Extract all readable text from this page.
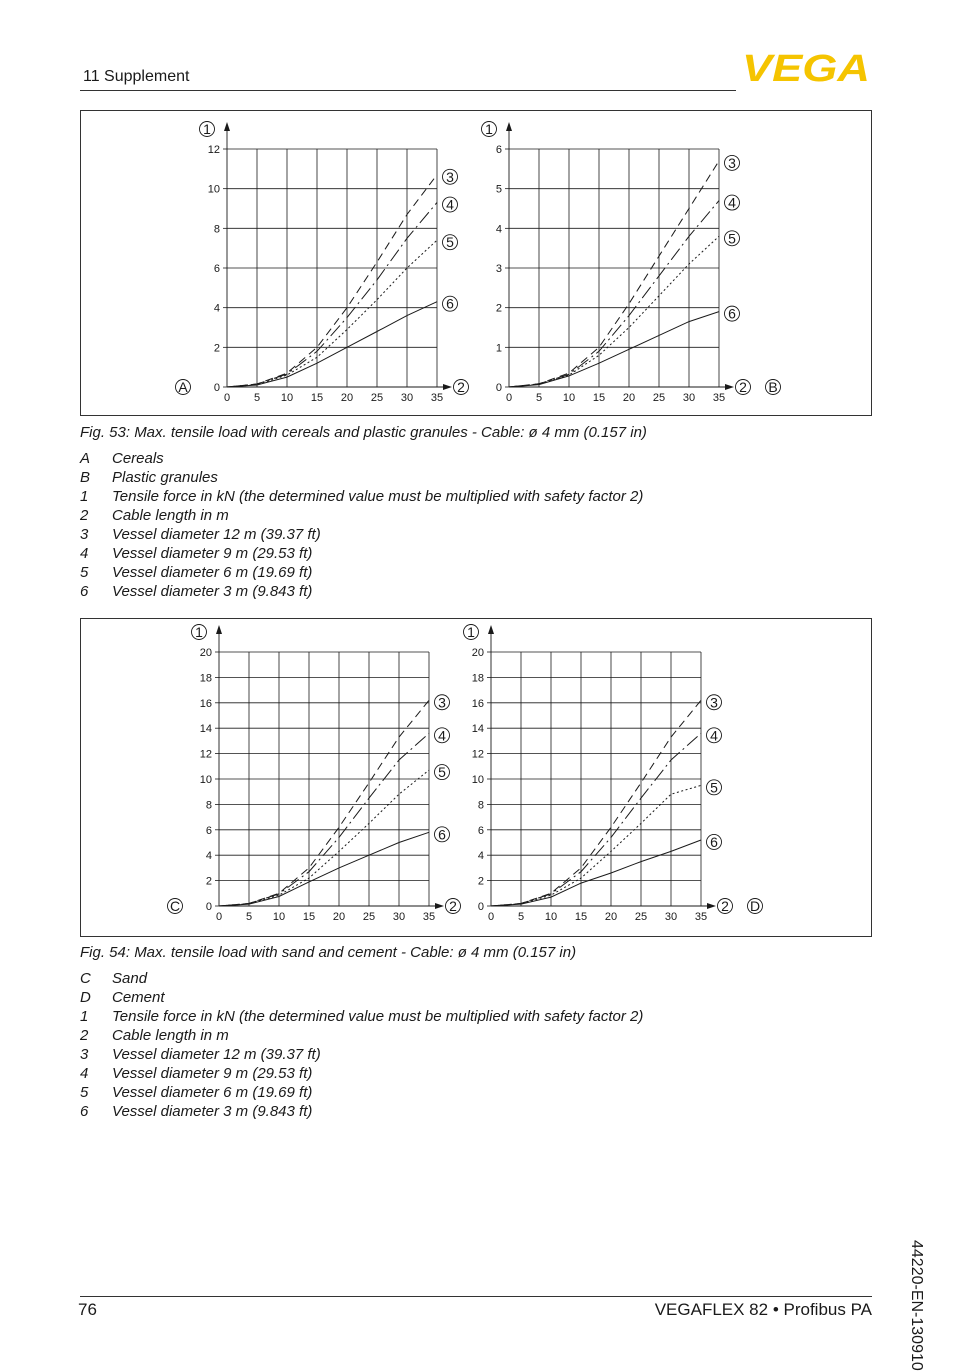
11 Supplement	VEGA
0 5 10 15 20 25 30 35
0
2
4
6
8
10
12
3
4
5
6
1
2
A
0 5 10 15 20 25 30 35
0
1
2
3
4
5
6
3
4
5
6
1
2 B
Fig. 53: Max. tensile load with cereals and plastic granules - Cable: ø 4 mm (0.157 in)
A	Cereals
B	Plastic granules
1	Tensile force in kN (the determined value must be multiplied with safety factor 2)
2	Cable length in m
3	Vessel diameter 12 m (39.37 ft)
4	Vessel diameter 9 m (29.53 ft)
5	Vessel diameter 6 m (19.69 ft)
6	Vessel diameter 3 m (9.843 ft)
0 5 10 15 20 25 30 35
0
2
4
6
8
10
12
14
16
18
20
3
4
5
6
1
2
C
0 5 10 15 20 25 30 35
0
2
4
6
8
10
12
14
16
18
20
3
4
5
6
1
2 D
Fig. 54: Max. tensile load with sand and cement - Cable: ø 4 mm (0.157 in)
C	Sand
D	Cement
1	Tensile force in kN (the determined value must be multiplied with safety factor 2)
2	Cable length in m
3	Vessel diameter 12 m (39.37 ft)
4	Vessel diameter 9 m (29.53 ft)
5	Vessel diameter 6 m (19.69 ft)
6	Vessel diameter 3 m (9.843 ft)
76	VEGAFLEX 82 • Profibus PA 44220-EN-130910
